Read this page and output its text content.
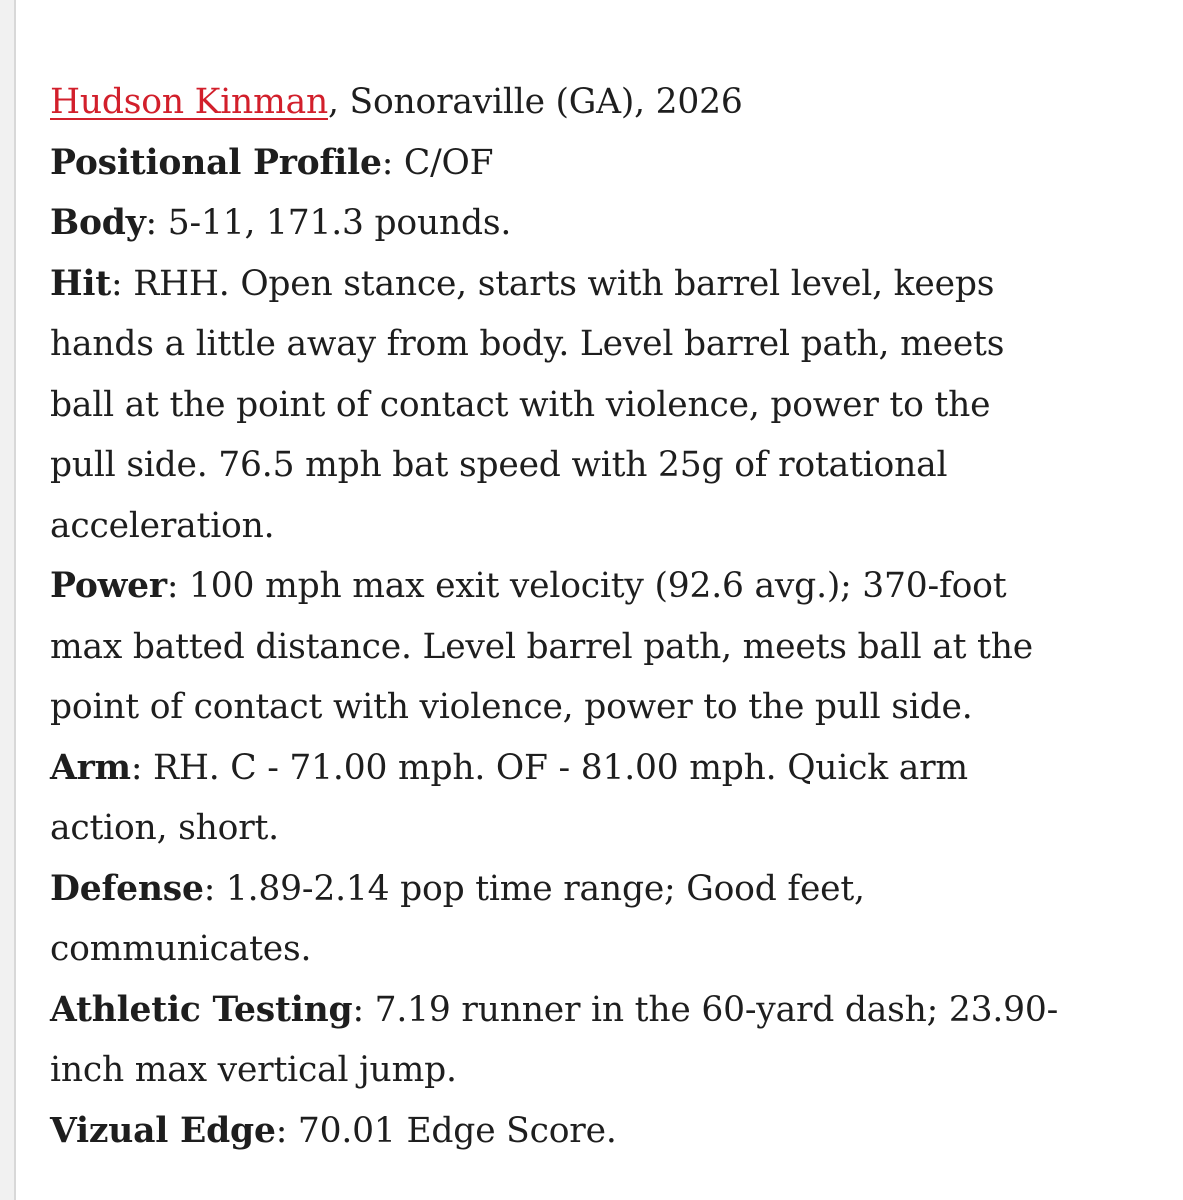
Hudson Kinman, Sonoraville (GA), 2026
Positional Profile: C/OF
Body: 5-11, 171.3 pounds.
Hit: RHH. Open stance, starts with barrel level, keeps
hands a little away from body. Level barrel path, meets
ball at the point of contact with violence, power to the
pull side. 76.5 mph bat speed with 25g of rotational
acceleration.
Power: 100 mph max exit velocity (92.6 avg.); 370-foot
max batted distance. Level barrel path, meets ball at the
point of contact with violence, power to the pull side.
Arm: RH. C - 71.00 mph. OF - 81.00 mph. Quick arm
action, short.
Defense: 1.89-2.14 pop time range; Good feet,
communicates.
Athletic Testing: 7.19 runner in the 60-yard dash; 23.90-
inch max vertical jump.
Vizual Edge: 70.01 Edge Score.
